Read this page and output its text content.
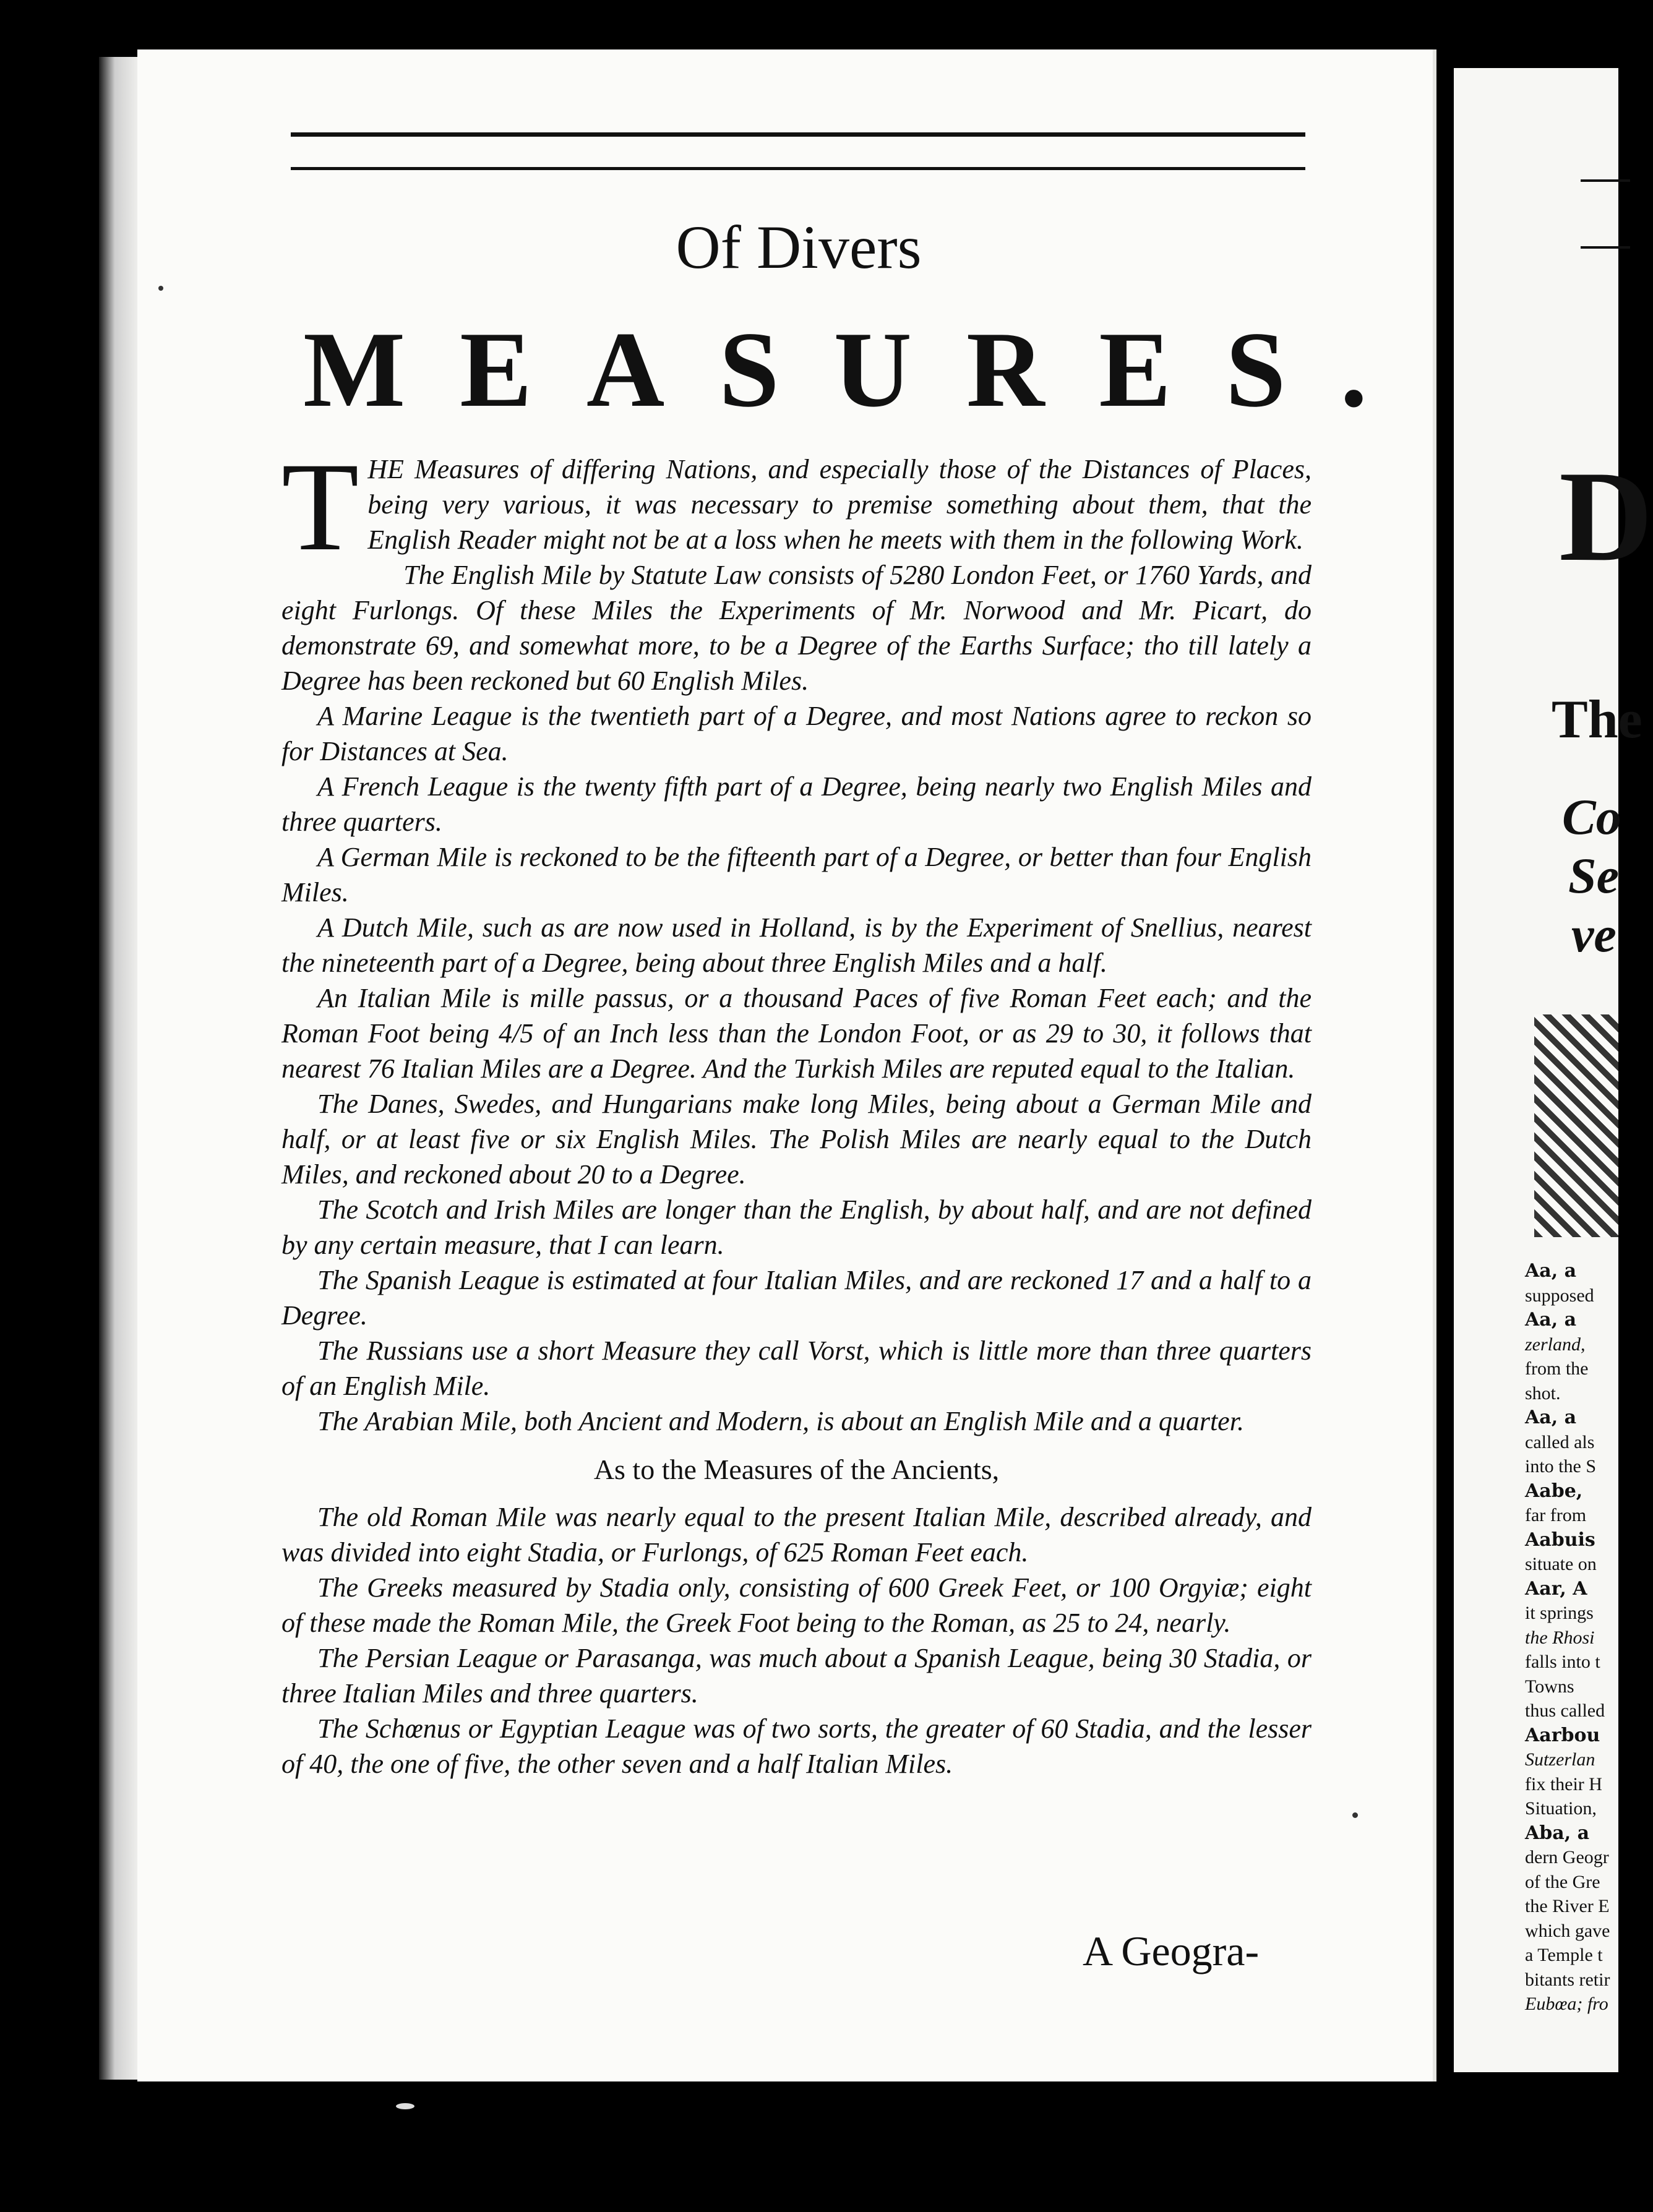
D
The
Co
Se
ve
Aa, a
supposed
Aa, a
zerland,
from the
shot.
Aa, a
called als
into the S
Aabe,
far from
Aabuis
situate on
Aar, A
it springs
the Rhosi
falls into t
Towns
thus called
Aarbou
Sutzerlan
fix their H
Situation,
Aba, a
dern Geogr
of the Gre
the River E
which gave
a Temple t
bitants retir
Eubœa; fro
Of Divers
MEASURES.

THE Measures of differing Nations, and especially those of the Distances of Places, being very various, it was necessary to premise something about them, that the English Reader might not be at a loss when he meets with them in the following Work.

The English Mile by Statute Law consists of 5280 London Feet, or 1760 Yards, and eight Furlongs. Of these Miles the Experiments of Mr. Norwood and Mr. Picart, do demonstrate 69, and somewhat more, to be a Degree of the Earths Surface; tho till lately a Degree has been reckoned but 60 English Miles.

A Marine League is the twentieth part of a Degree, and most Nations agree to reckon so for Distances at Sea.

A French League is the twenty fifth part of a Degree, being nearly two English Miles and three quarters.

A German Mile is reckoned to be the fifteenth part of a Degree, or better than four English Miles.

A Dutch Mile, such as are now used in Holland, is by the Experiment of Snellius, nearest the nineteenth part of a Degree, being about three English Miles and a half.

An Italian Mile is mille passus, or a thousand Paces of five Roman Feet each; and the Roman Foot being 4/5 of an Inch less than the London Foot, or as 29 to 30, it follows that nearest 76 Italian Miles are a Degree. And the Turkish Miles are reputed equal to the Italian.

The Danes, Swedes, and Hungarians make long Miles, being about a German Mile and half, or at least five or six English Miles. The Polish Miles are nearly equal to the Dutch Miles, and reckoned about 20 to a Degree.

The Scotch and Irish Miles are longer than the English, by about half, and are not defined by any certain measure, that I can learn.

The Spanish League is estimated at four Italian Miles, and are reckoned 17 and a half to a Degree.

The Russians use a short Measure they call Vorst, which is little more than three quarters of an English Mile.

The Arabian Mile, both Ancient and Modern, is about an English Mile and a quarter.

As to the Measures of the Ancients,

The old Roman Mile was nearly equal to the present Italian Mile, described already, and was divided into eight Stadia, or Furlongs, of 625 Roman Feet each.

The Greeks measured by Stadia only, consisting of 600 Greek Feet, or 100 Orgyiæ; eight of these made the Roman Mile, the Greek Foot being to the Roman, as 25 to 24, nearly.

The Persian League or Parasanga, was much about a Spanish League, being 30 Stadia, or three Italian Miles and three quarters.

The Schœnus or Egyptian League was of two sorts, the greater of 60 Stadia, and the lesser of 40, the one of five, the other seven and a half Italian Miles.

A Geogra-
